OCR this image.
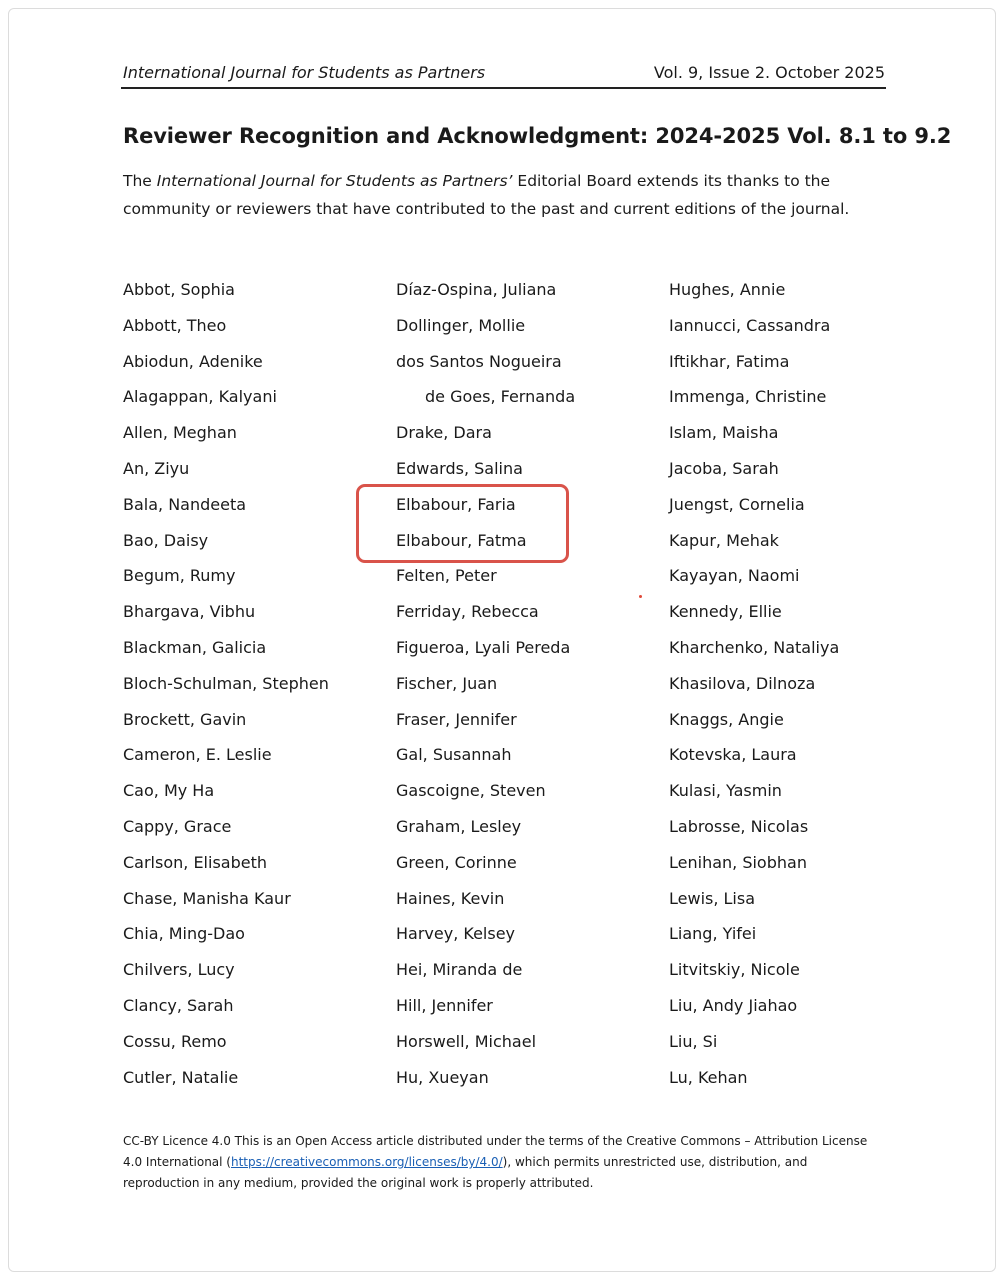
International Journal for Students as Partners	Vol. 9, Issue 2. October 2025
Reviewer Recognition and Acknowledgment: 2024-2025 Vol. 8.1 to 9.2
The International Journal for Students as Partners’ Editorial Board extends its thanks to the
community or reviewers that have contributed to the past and current editions of the journal.
Abbot, Sophia
Abbott, Theo
Abiodun, Adenike
Alagappan, Kalyani
Allen, Meghan
An, Ziyu
Bala, Nandeeta
Bao, Daisy
Begum, Rumy
Bhargava, Vibhu
Blackman, Galicia
Bloch-Schulman, Stephen
Brockett, Gavin
Cameron, E. Leslie
Cao, My Ha
Cappy, Grace
Carlson, Elisabeth
Chase, Manisha Kaur
Chia, Ming-Dao
Chilvers, Lucy
Clancy, Sarah
Cossu, Remo
Cutler, Natalie
Díaz-Ospina, Juliana
Dollinger, Mollie
dos Santos Nogueira
de Goes, Fernanda
Drake, Dara
Edwards, Salina
Elbabour, Faria
Elbabour, Fatma
Felten, Peter
Ferriday, Rebecca
Figueroa, Lyali Pereda
Fischer, Juan
Fraser, Jennifer
Gal, Susannah
Gascoigne, Steven
Graham, Lesley
Green, Corinne
Haines, Kevin
Harvey, Kelsey
Hei, Miranda de
Hill, Jennifer
Horswell, Michael
Hu, Xueyan
Hughes, Annie
Iannucci, Cassandra
Iftikhar, Fatima
Immenga, Christine
Islam, Maisha
Jacoba, Sarah
Juengst, Cornelia
Kapur, Mehak
Kayayan, Naomi
Kennedy, Ellie
Kharchenko, Nataliya
Khasilova, Dilnoza
Knaggs, Angie
Kotevska, Laura
Kulasi, Yasmin
Labrosse, Nicolas
Lenihan, Siobhan
Lewis, Lisa
Liang, Yifei
Litvitskiy, Nicole
Liu, Andy Jiahao
Liu, Si
Lu, Kehan
CC-BY Licence 4.0 This is an Open Access article distributed under the terms of the Creative Commons – Attribution License
4.0 International (https://creativecommons.org/licenses/by/4.0/), which permits unrestricted use, distribution, and
reproduction in any medium, provided the original work is properly attributed.
